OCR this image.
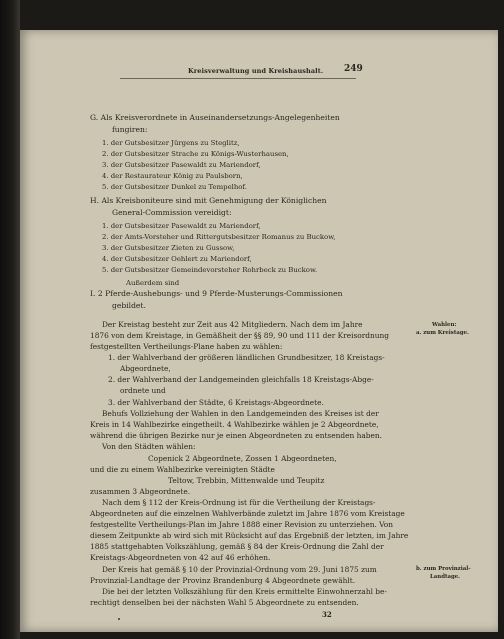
Kreisverwaltung und Kreishaushalt. 249
G. Als Kreisverordnete in Auseinandersetzungs-Angelegenheiten
fungiren:
1. der Gutsbesitzer Jürgens zu Steglitz,
2. der Gutsbesitzer Strache zu Königs-Wusterhausen,
3. der Gutsbesitzer Pasewaldt zu Mariendorf,
4. der Restaurateur König zu Paulsborn,
5. der Gutsbesitzer Dunkel zu Tempelhof.
H. Als Kreisboniteure sind mit Genehmigung der Königlichen
General-Commission vereidigt:
1. der Gutsbesitzer Pasewaldt zu Mariendorf,
2. der Amts-Vorsteher und Rittergutsbesitzer Romanus zu Buckow,
3. der Gutsbesitzer Zieten zu Gussow,
4. der Gutsbesitzer Oehlert zu Mariendorf,
5. der Gutsbesitzer Gemeindevorsteher Rohrbeck zu Buckow.
Außerdem sind
I. 2 Pferde-Aushebungs- und 9 Pferde-Musterungs-Commissionen
gebildet.
Der Kreistag besteht zur Zeit aus 42 Mitgliedern. Nach dem im Jahre
1876 von dem Kreistage, in Gemäßheit der §§ 89, 90 und 111 der Kreisordnung
festgestellten Vertheilungs-Plane haben zu wählen:
1. der Wahlverband der größeren ländlichen Grundbesitzer, 18 Kreistags-
Abgeordnete,
2. der Wahlverband der Landgemeinden gleichfalls 18 Kreistags-Abge-
ordnete und
3. der Wahlverband der Städte, 6 Kreistags-Abgeordnete.
Behufs Vollziehung der Wahlen in den Landgemeinden des Kreises ist der
Kreis in 14 Wahlbezirke eingetheilt. 4 Wahlbezirke wählen je 2 Abgeordnete,
während die übrigen Bezirke nur je einen Abgeordneten zu entsenden haben.
Von den Städten wählen:
Copenick 2 Abgeordnete, Zossen 1 Abgeordneten,
und die zu einem Wahlbezirke vereinigten Städte
Teltow, Trebbin, Mittenwalde und Teupitz
zusammen 3 Abgeordnete.
Nach dem § 112 der Kreis-Ordnung ist für die Vertheilung der Kreistags-
Abgeordneten auf die einzelnen Wahlverbände zuletzt im Jahre 1876 vom Kreistage
festgestellte Vertheilungs-Plan im Jahre 1888 einer Revision zu unterziehen. Von
diesem Zeitpunkte ab wird sich mit Rücksicht auf das Ergebniß der letzten, im Jahre
1885 stattgehabten Volkszählung, gemäß § 84 der Kreis-Ordnung die Zahl der
Kreistags-Abgeordneten von 42 auf 46 erhöhen.
Der Kreis hat gemäß § 10 der Provinzial-Ordnung vom 29. Juni 1875 zum
Provinzial-Landtage der Provinz Brandenburg 4 Abgeordnete gewählt.
Die bei der letzten Volkszählung für den Kreis ermittelte Einwohnerzahl be-
rechtigt denselben bei der nächsten Wahl 5 Abgeordnete zu entsenden.
Wahlen:
a. zum Kreistage.
b. zum Provinzial-
Landtage.
32
